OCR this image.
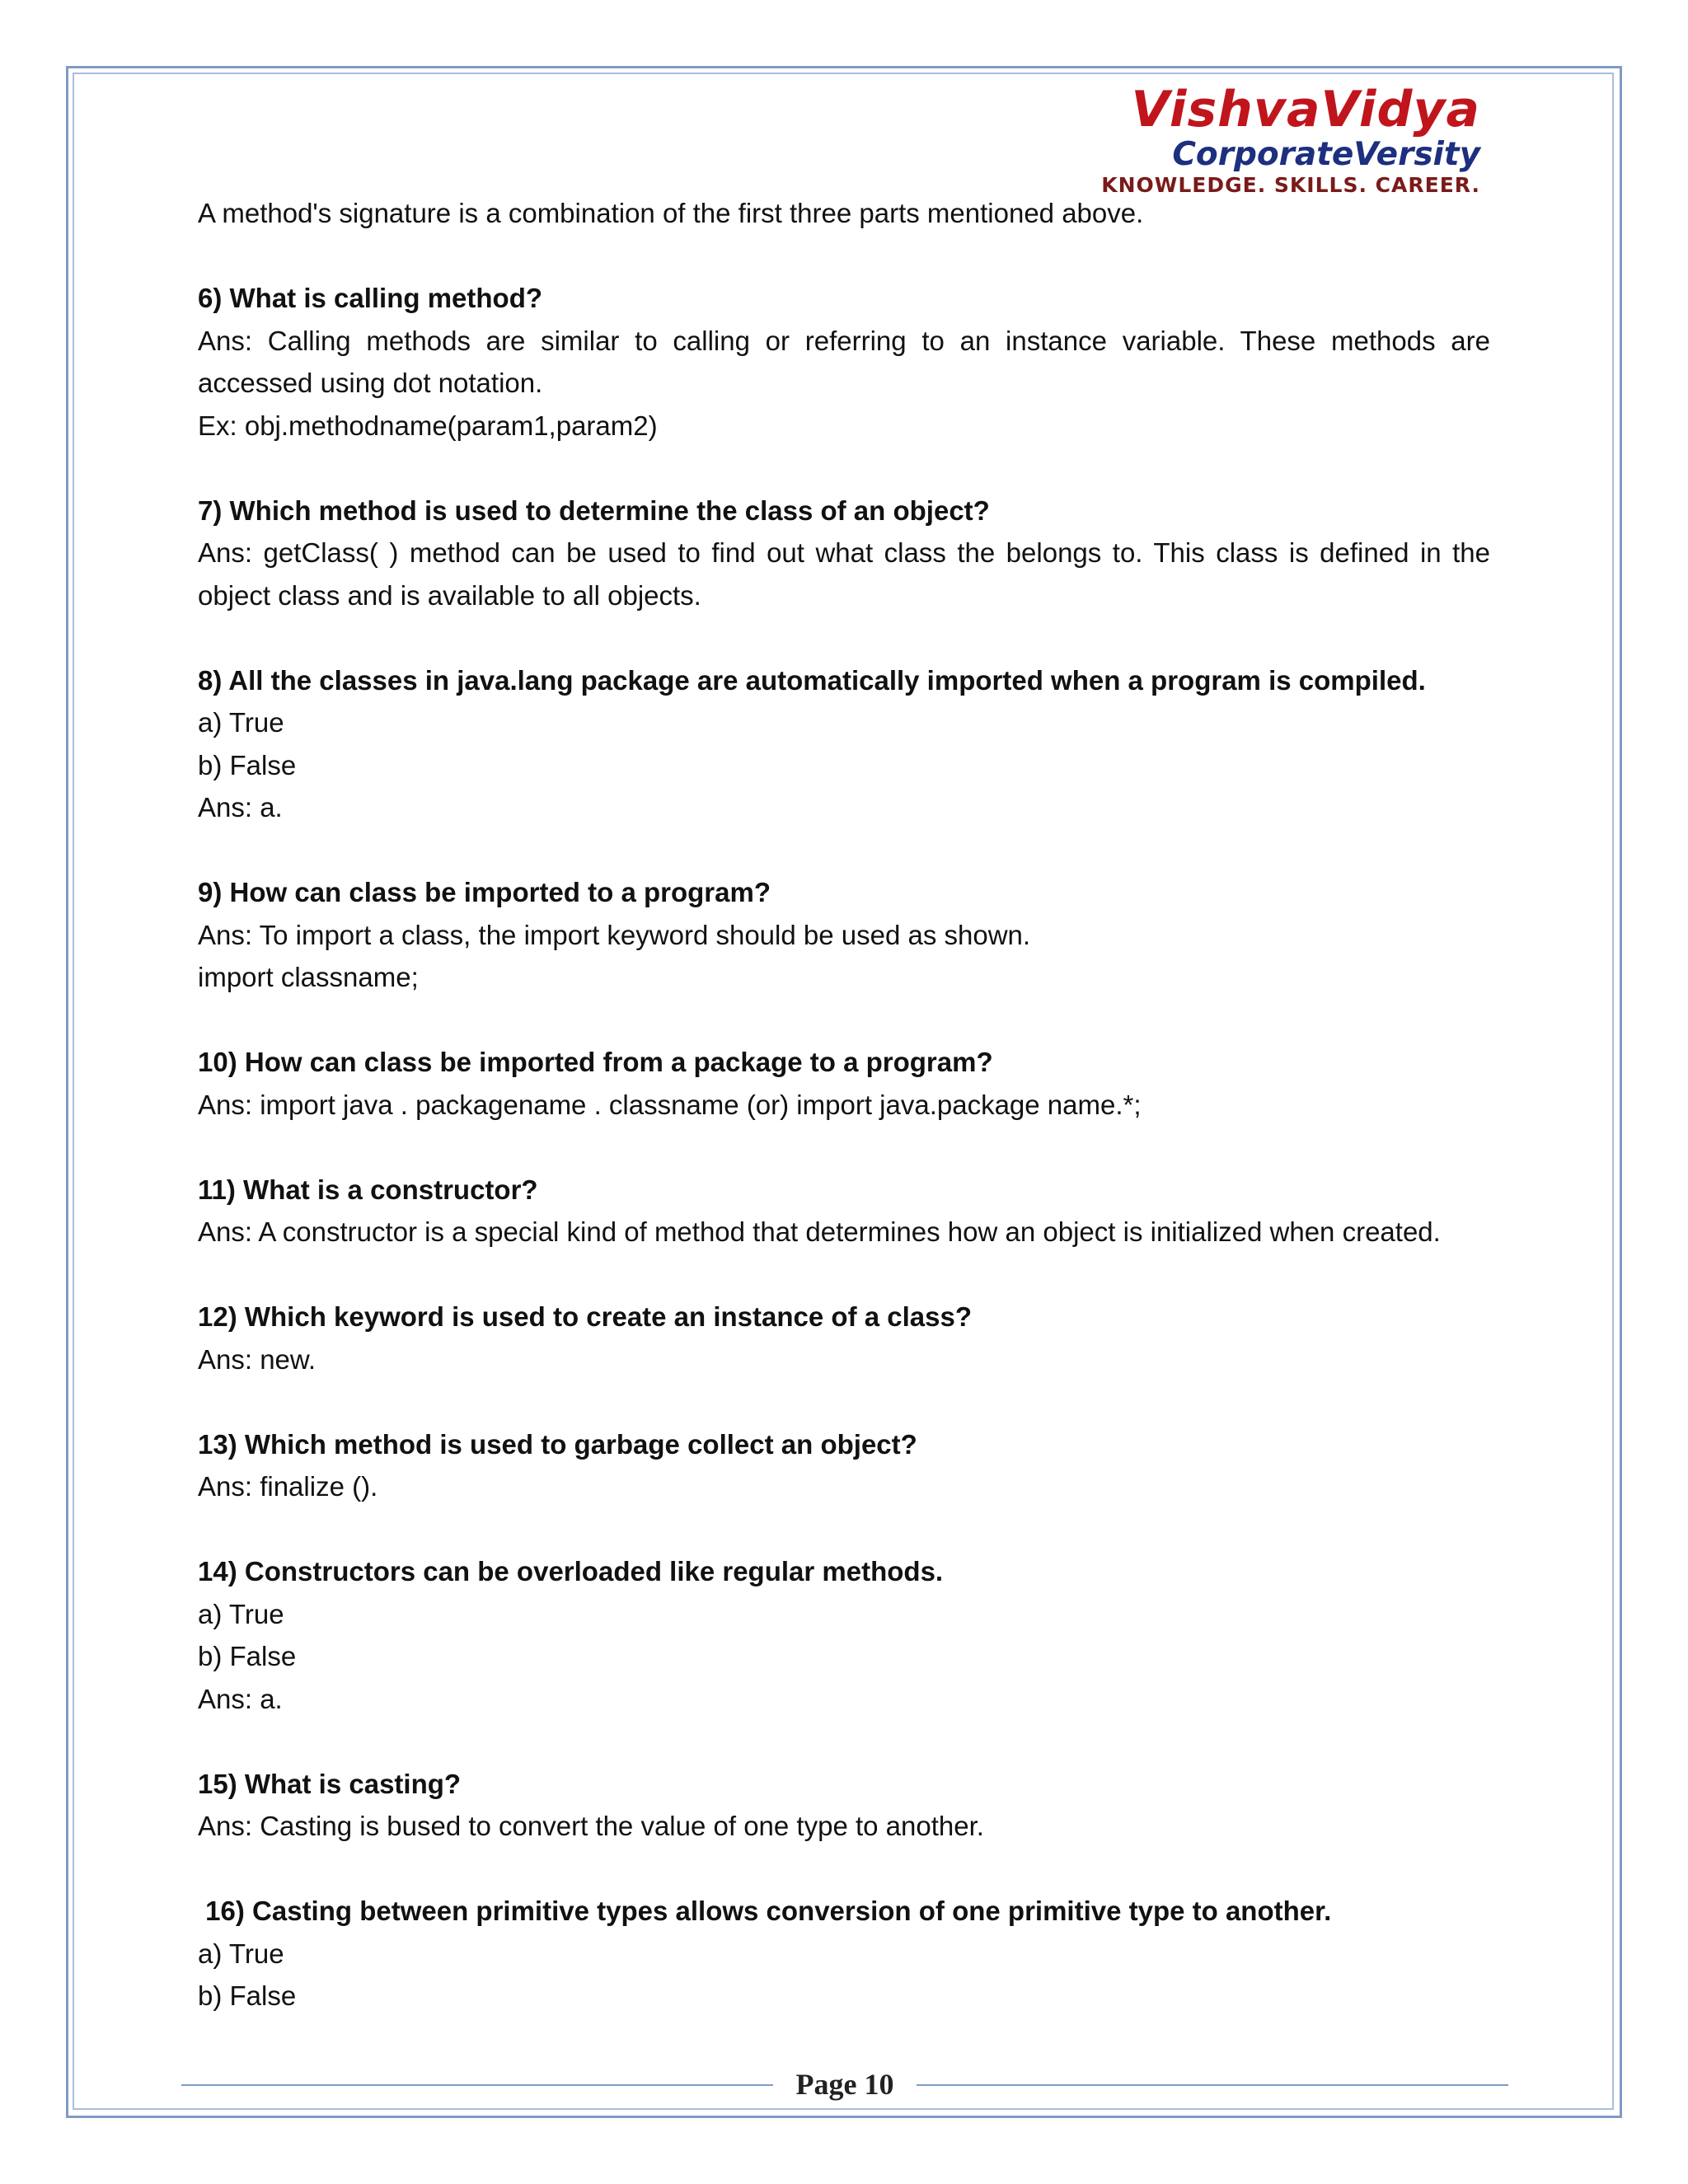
VishvaVidya
CorporateVersity
KNOWLEDGE. SKILLS. CAREER.

A method's signature is a combination of the first three parts mentioned above.

6) What is calling method?

Ans: Calling methods are similar to calling or referring to an instance variable. These methods are accessed using dot notation.

Ex: obj.methodname(param1,param2)

7) Which method is used to determine the class of an object?

Ans: getClass( ) method can be used to find out what class the belongs to. This class is defined in the object class and is available to all objects.

8) All the classes in java.lang package are automatically imported when a program is compiled.

a) True

b) False

Ans: a.

9) How can class be imported to a program?

Ans: To import a class, the import keyword should be used as shown.

import classname;

10) How can class be imported from a package to a program?

Ans: import java . packagename . classname (or) import java.package name.*;

11) What is a constructor?

Ans: A constructor is a special kind of method that determines how an object is initialized when created.

12) Which keyword is used to create an instance of a class?

Ans: new.

13) Which method is used to garbage collect an object?

Ans: finalize ().

14) Constructors can be overloaded like regular methods.

a) True

b) False

Ans: a.

15) What is casting?

Ans: Casting is bused to convert the value of one type to another.

16) Casting between primitive types allows conversion of one primitive type to another.

a) True

b) False

Page 10
